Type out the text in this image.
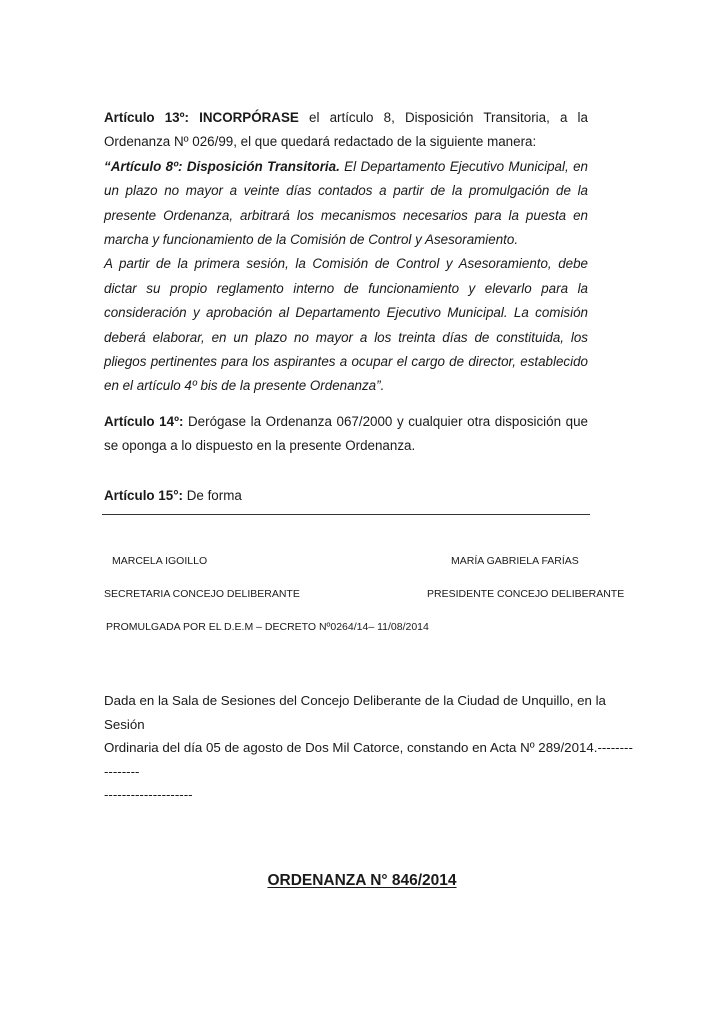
Artículo 13º: INCORPÓRASE el artículo 8, Disposición Transitoria, a la Ordenanza Nº 026/99, el que quedará redactado de la siguiente manera:
“Artículo 8º: Disposición Transitoria. El Departamento Ejecutivo Municipal, en un plazo no mayor a veinte días contados a partir de la promulgación de la presente Ordenanza, arbitrará los mecanismos necesarios para la puesta en marcha y funcionamiento de la Comisión de Control y Asesoramiento.
A partir de la primera sesión, la Comisión de Control y Asesoramiento, debe dictar su propio reglamento interno de funcionamiento y elevarlo para la consideración y aprobación al Departamento Ejecutivo Municipal. La comisión deberá elaborar, en un plazo no mayor a los treinta días de constituida, los pliegos pertinentes para los aspirantes a ocupar el cargo de director, establecido en el artículo 4º bis de la presente Ordenanza”.
Artículo 14º: Derógase la Ordenanza 067/2000 y cualquier otra disposición que se oponga a lo dispuesto en la presente Ordenanza.
Artículo 15°: De forma
MARCELA IGOILLO	MARÍA GABRIELA FARÍAS
SECRETARIA CONCEJO DELIBERANTE	PRESIDENTE CONCEJO DELIBERANTE
PROMULGADA POR EL D.E.M – DECRETO Nº0264/14– 11/08/2014
Dada en la Sala de Sesiones del Concejo Deliberante de la Ciudad de Unquillo, en la Sesión
Ordinaria del día 05 de agosto de Dos Mil Catorce, constando en Acta Nº 289/2014.----------------
--------------------
ORDENANZA N° 846/2014
